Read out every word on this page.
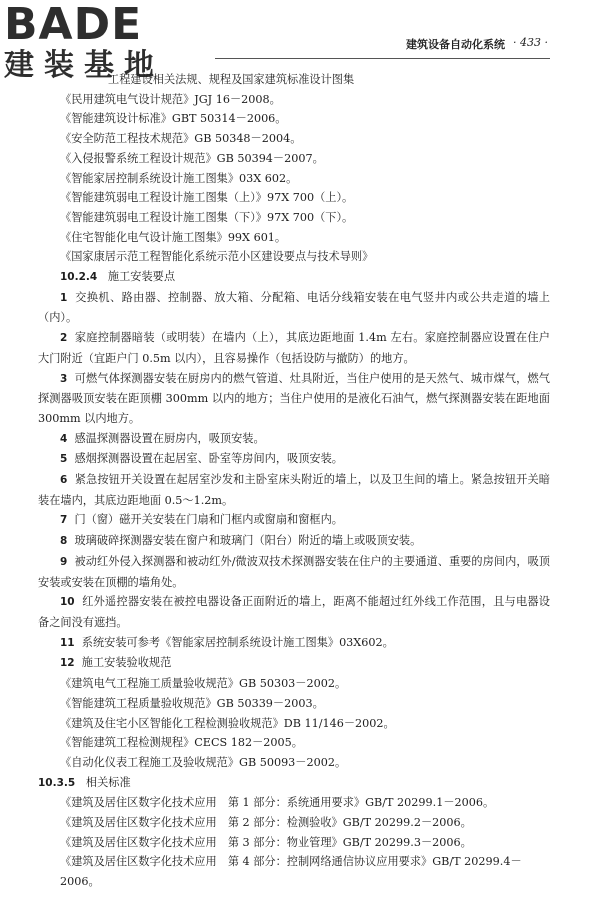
BADE
建装基地
建筑设备自动化系统 · 433 ·

工程建设相关法规、规程及国家建筑标准设计图集

《民用建筑电气设计规范》JGJ 16－2008。

《智能建筑设计标准》GBT 50314－2006。

《安全防范工程技术规范》GB 50348－2004。

《入侵报警系统工程设计规范》GB 50394－2007。

《智能家居控制系统设计施工图集》03X 602。

《智能建筑弱电工程设计施工图集（上）》97X 700（上）。

《智能建筑弱电工程设计施工图集（下）》97X 700（下）。

《住宅智能化电气设计施工图集》99X 601。

《国家康居示范工程智能化系统示范小区建设要点与技术导则》

10.2.4 施工安装要点

1 交换机、路由器、控制器、放大箱、分配箱、电话分线箱安装在电气竖井内或公共走道的墙上（内）。

2 家庭控制器暗装（或明装）在墙内（上），其底边距地面 1.4m 左右。家庭控制器应设置在住户大门附近（宜距户门 0.5m 以内），且容易操作（包括设防与撤防）的地方。

3 可燃气体探测器安装在厨房内的燃气管道、灶具附近，当住户使用的是天然气、城市煤气，燃气探测器吸顶安装在距顶棚 300mm 以内的地方；当住户使用的是液化石油气，燃气探测器安装在距地面 300mm 以内地方。

4 感温探测器设置在厨房内，吸顶安装。

5 感烟探测器设置在起居室、卧室等房间内，吸顶安装。

6 紧急按钮开关设置在起居室沙发和主卧室床头附近的墙上，以及卫生间的墙上。紧急按钮开关暗装在墙内，其底边距地面 0.5～1.2m。

7 门（窗）磁开关安装在门扇和门框内或窗扇和窗框内。

8 玻璃破碎探测器安装在窗户和玻璃门（阳台）附近的墙上或吸顶安装。

9 被动红外侵入探测器和被动红外/微波双技术探测器安装在住户的主要通道、重要的房间内，吸顶安装或安装在顶棚的墙角处。

10 红外遥控器安装在被控电器设备正面附近的墙上，距离不能超过红外线工作范围，且与电器设备之间没有遮挡。

11 系统安装可参考《智能家居控制系统设计施工图集》03X602。

12 施工安装验收规范

《建筑电气工程施工质量验收规范》GB 50303－2002。

《智能建筑工程质量验收规范》GB 50339－2003。

《建筑及住宅小区智能化工程检测验收规范》DB 11/146－2002。

《智能建筑工程检测规程》CECS 182－2005。

《自动化仪表工程施工及验收规范》GB 50093－2002。

10.3.5 相关标准

《建筑及居住区数字化技术应用　第 1 部分：系统通用要求》GB/T 20299.1－2006。

《建筑及居住区数字化技术应用　第 2 部分：检测验收》GB/T 20299.2－2006。

《建筑及居住区数字化技术应用　第 3 部分：物业管理》GB/T 20299.3－2006。

《建筑及居住区数字化技术应用　第 4 部分：控制网络通信协议应用要求》GB/T 20299.4－2006。
